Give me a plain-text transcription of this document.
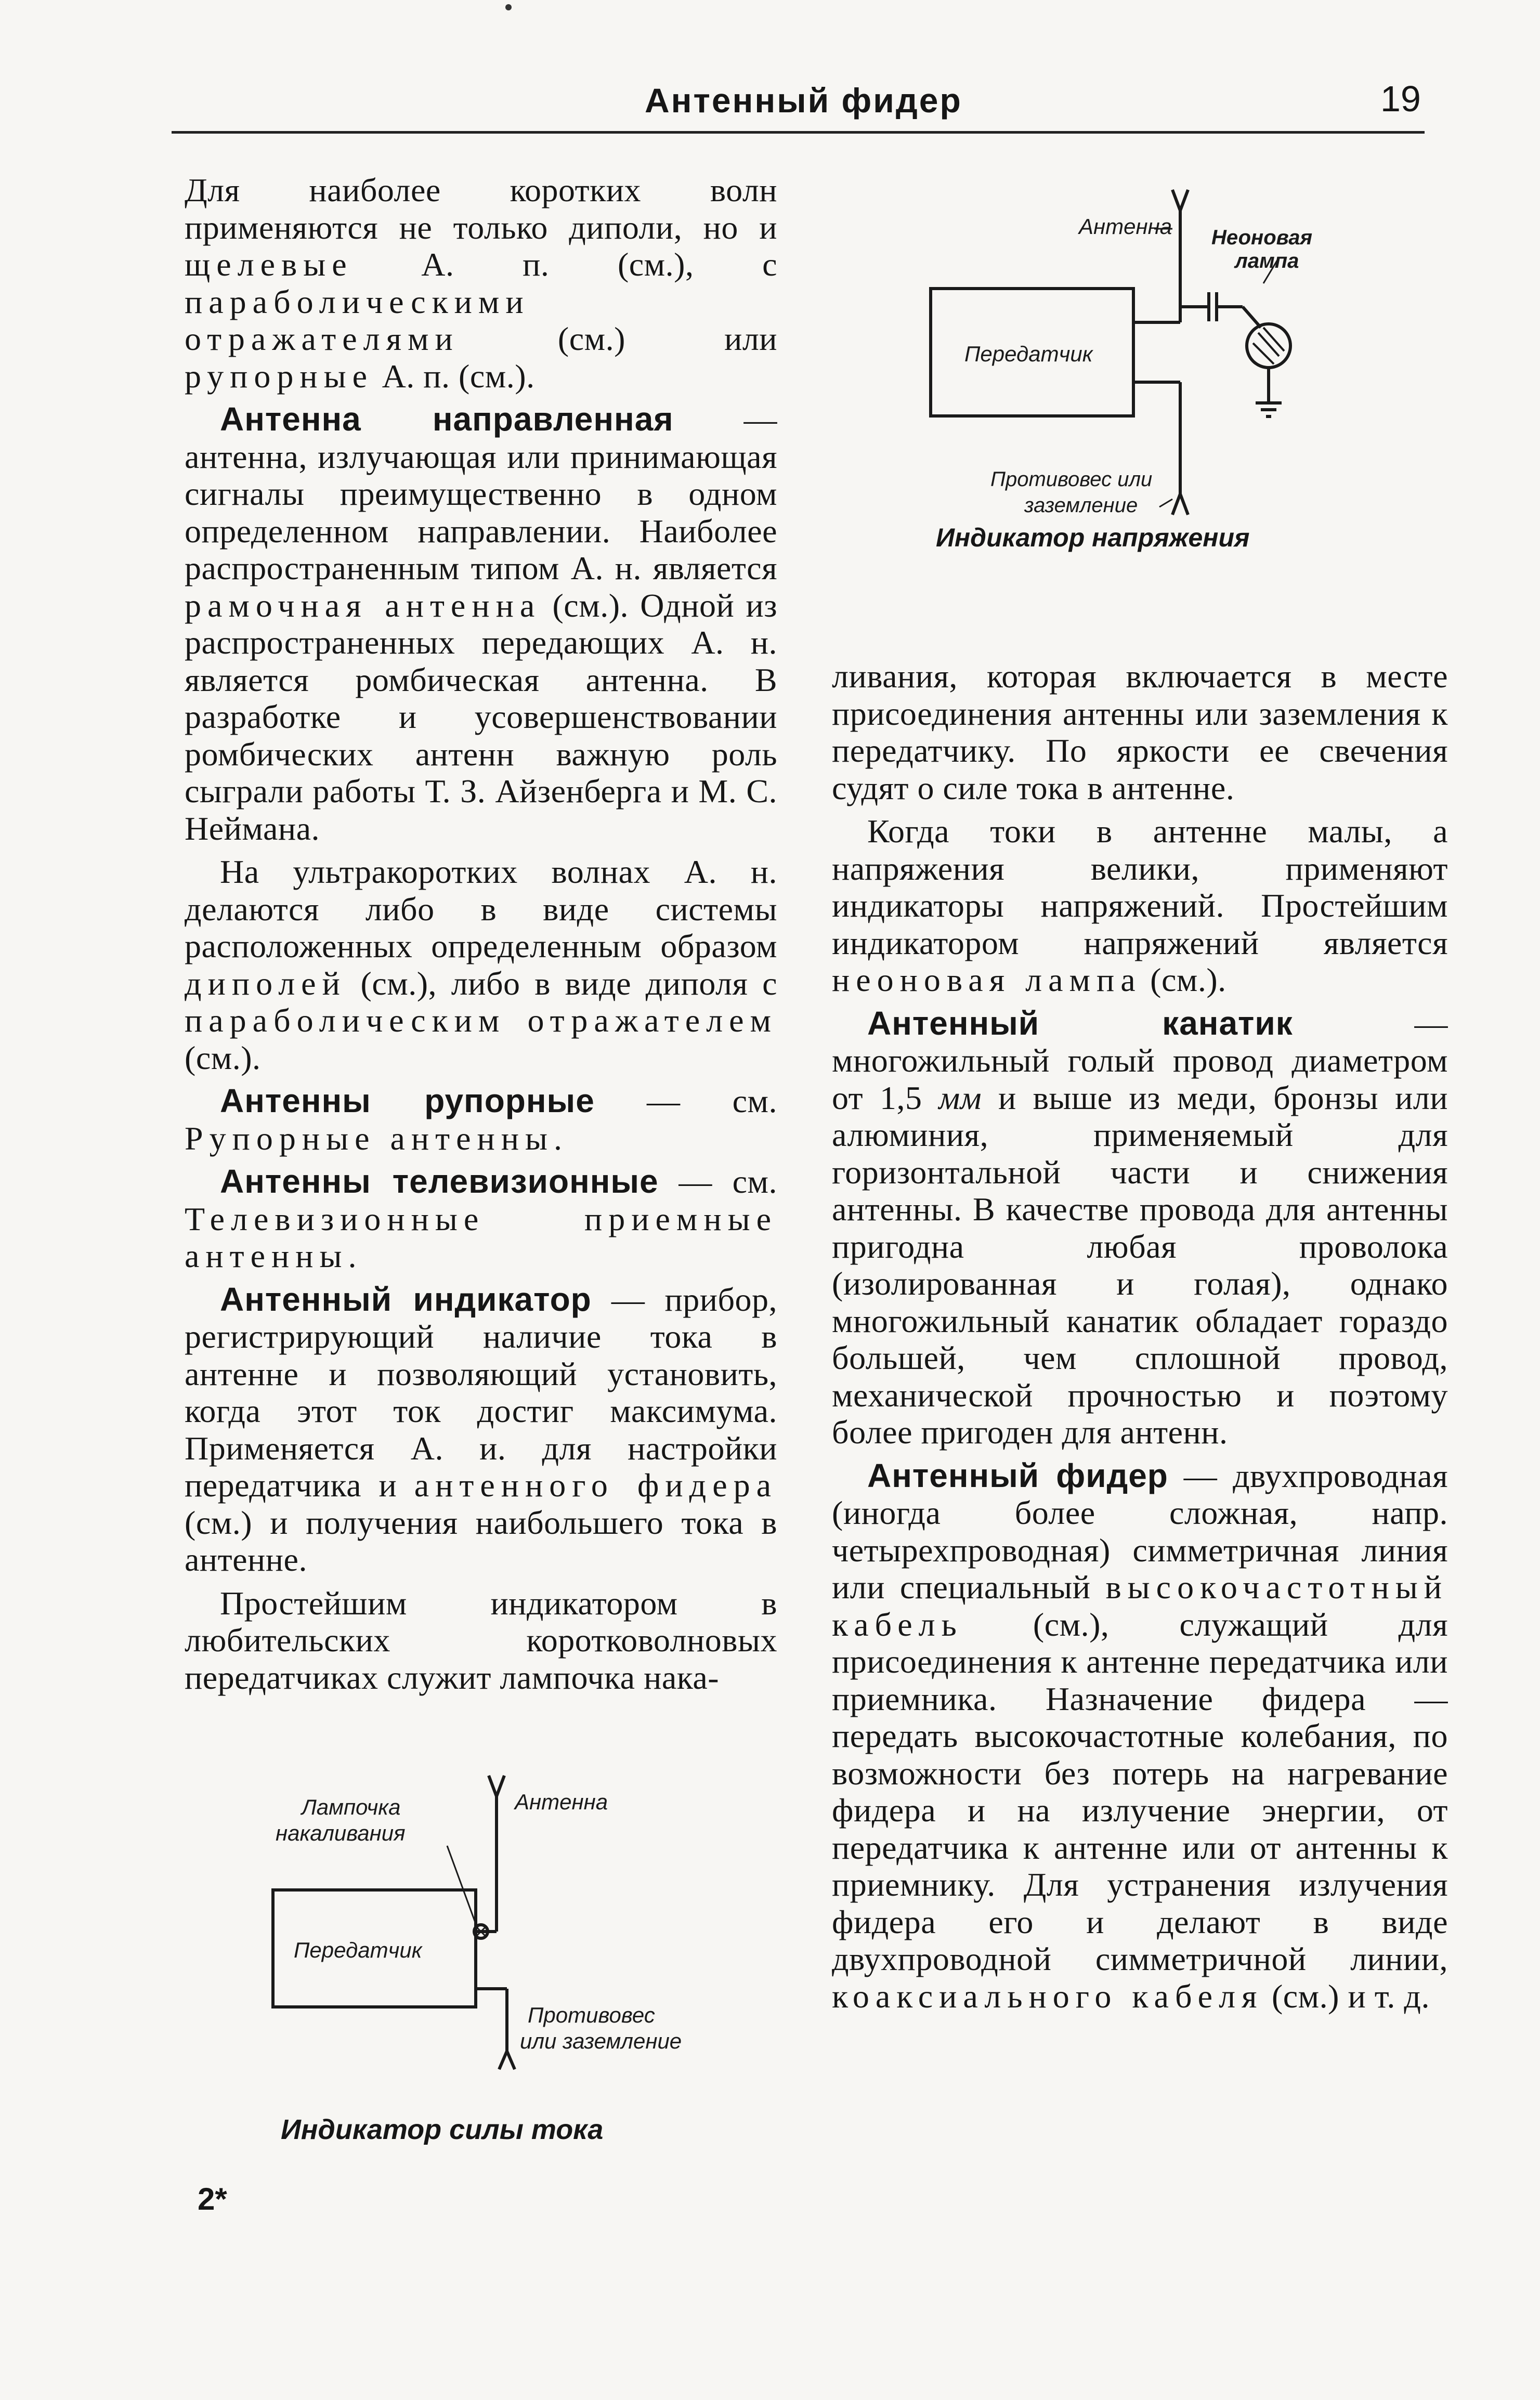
Антенный фидер	19

Для наиболее коротких волн применяются не только диполи, но и щелевые А. п. (см.), с параболическими отражателями (см.) или рупорные А. п. (см.).

Антенна направленная — антенна, излучающая или принимающая сигналы преимущественно в одном определенном направлении. Наиболее распространенным типом А. н. является рамочная антенна (см.). Одной из распространенных передающих А. н. является ромбическая антенна. В разработке и усовершенствовании ромбических антенн важную роль сыграли работы Т. З. Айзенберга и М. С. Неймана.

На ультракоротких волнах А. н. делаются либо в виде системы расположенных определенным образом диполей (см.), либо в виде диполя с параболическим отражателем (см.).

Антенны рупорные — см. Рупорные антенны.

Антенны телевизионные — см. Телевизионные приемные антенны.

Антенный индикатор — прибор, регистрирующий наличие тока в антенне и позволяющий установить, когда этот ток достиг максимума. Применяется А. и. для настройки передатчика и антенного фидера (см.) и получения наибольшего тока в антенне.

Простейшим индикатором в любительских коротковолновых передатчиках служит лампочка нака-

ливания, которая включается в месте присоединения антенны или заземления к передатчику. По яркости ее свечения судят о силе тока в антенне.

Когда токи в антенне малы, а напряжения велики, применяют индикаторы напряжений. Простейшим индикатором напряжений является неоновая лампа (см.).

Антенный канатик — многожильный голый провод диаметром от 1,5 мм и выше из меди, бронзы или алюминия, применяемый для горизонтальной части и снижения антенны. В качестве провода для антенны пригодна любая проволока (изолированная и голая), однако многожильный канатик обладает гораздо большей, чем сплошной провод, механической прочностью и поэтому более пригоден для антенн.

Антенный фидер — двухпроводная (иногда более сложная, напр. четырехпроводная) симметричная линия или специальный высокочастотный кабель (см.), служащий для присоединения к антенне передатчика или приемника. Назначение фидера — передать высокочастотные колебания, по возможности без потерь на нагревание фидера и на излучение энергии, от передатчика к антенне или от антенны к приемнику. Для устранения излучения фидера его и делают в виде двухпроводной симметричной линии, коаксиального кабеля (см.) и т. д.

Антенна Неоновая
лампа
Передатчик
Противовес или
заземление
Индикатор напряжения
Лампочка
накаливания
Антенна
Передатчик
Противовес
или заземление
Индикатор силы тока
2*
